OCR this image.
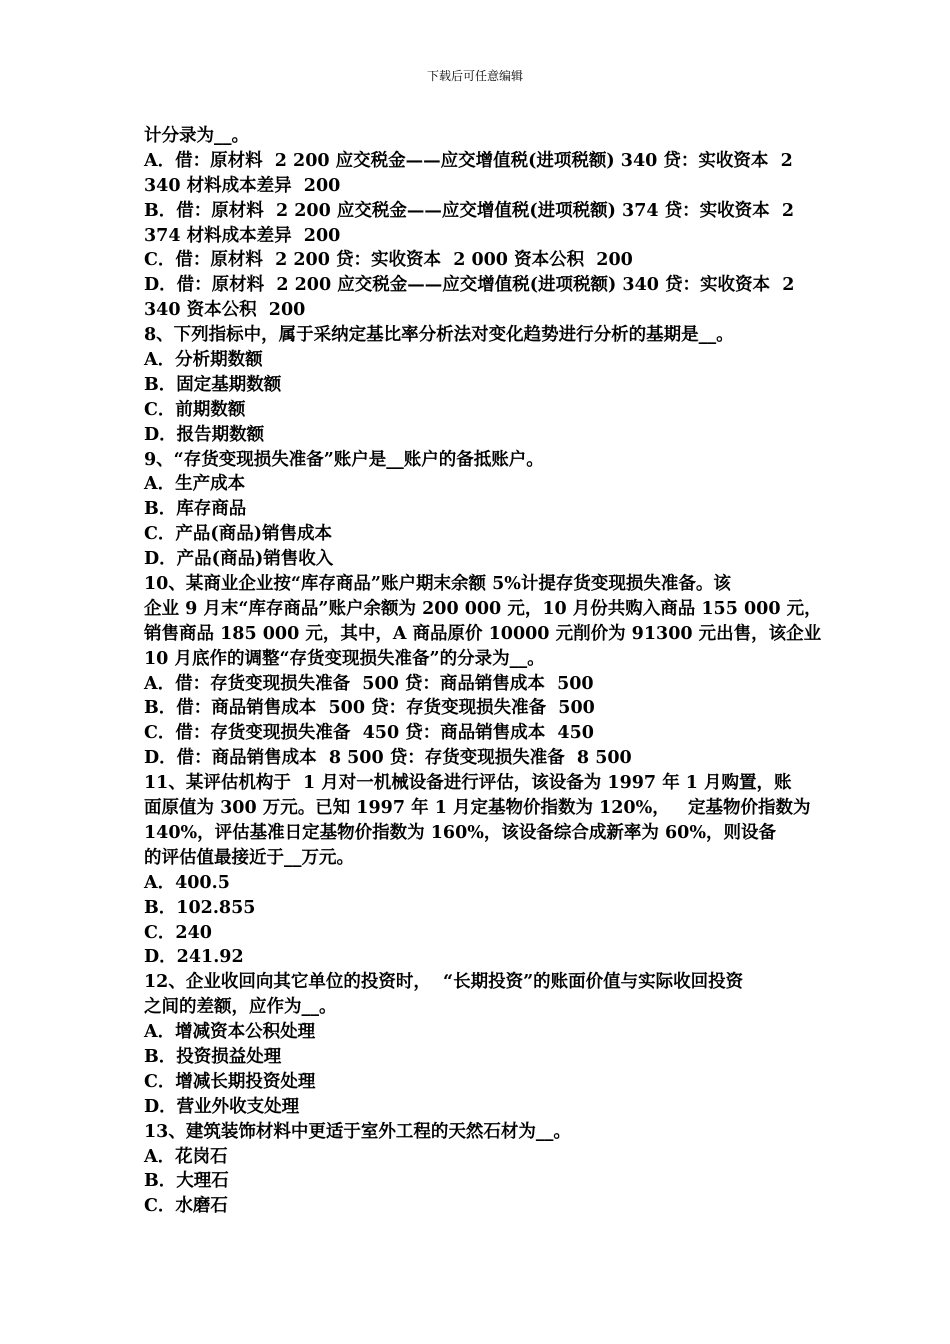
下载后可任意编辑
计分录为__。
A．借：原材料  2 200 应交税金——应交增值税(进项税额) 340 贷：实收资本  2
340 材料成本差异  200
B．借：原材料  2 200 应交税金——应交增值税(进项税额) 374 贷：实收资本  2
374 材料成本差异  200
C．借：原材料  2 200 贷：实收资本  2 000 资本公积  200
D．借：原材料  2 200 应交税金——应交增值税(进项税额) 340 贷：实收资本  2
340 资本公积  200
8、下列指标中，属于采纳定基比率分析法对变化趋势进行分析的基期是__。
A．分析期数额
B．固定基期数额
C．前期数额
D．报告期数额
9、“存货变现损失准备”账户是__账户的备抵账户。
A．生产成本
B．库存商品
C．产品(商品)销售成本
D．产品(商品)销售收入
10、某商业企业按“库存商品”账户期末余额 5%计提存货变现损失准备。该
企业 9 月末“库存商品”账户余额为 200 000 元，10 月份共购入商品 155 000 元，
销售商品 185 000 元，其中，A 商品原价 10000 元削价为 91300 元出售，该企业
10 月底作的调整“存货变现损失准备”的分录为__。
A．借：存货变现损失准备  500 贷：商品销售成本  500
B．借：商品销售成本  500 贷：存货变现损失准备  500
C．借：存货变现损失准备  450 贷：商品销售成本  450
D．借：商品销售成本  8 500 贷：存货变现损失准备  8 500
11、某评估机构于  1 月对一机械设备进行评估，该设备为 1997 年 1 月购置，账
面原值为 300 万元。已知 1997 年 1 月定基物价指数为 120%，   定基物价指数为
140%，评估基准日定基物价指数为 160%，该设备综合成新率为 60%，则设备
的评估值最接近于__万元。
A．400.5
B．102.855
C．240
D．241.92
12、企业收回向其它单位的投资时，  “长期投资”的账面价值与实际收回投资
之间的差额，应作为__。
A．增减资本公积处理
B．投资损益处理
C．增减长期投资处理
D．营业外收支处理
13、建筑装饰材料中更适于室外工程的天然石材为__。
A．花岗石
B．大理石
C．水磨石
